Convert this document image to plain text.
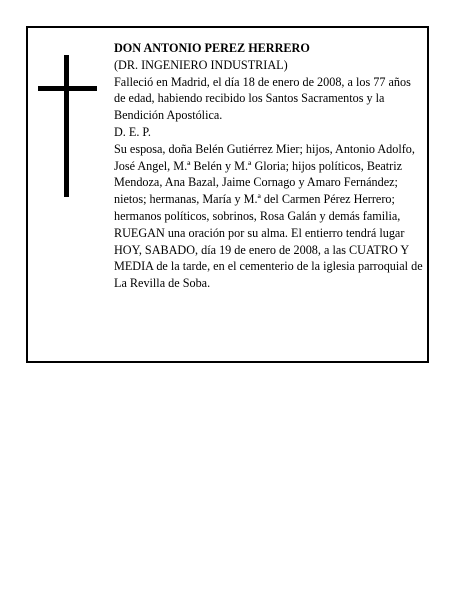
DON ANTONIO PEREZ HERRERO

(DR. INGENIERO INDUSTRIAL)

Falleció en Madrid, el día 18 de enero de 2008, a los 77 años de edad, habiendo recibido los Santos Sacramentos y la Bendición Apostólica.

D. E. P.

Su esposa, doña Belén Gutiérrez Mier; hijos, Antonio Adolfo, José Angel, M.ª Belén y M.ª Gloria; hijos políticos, Beatriz Mendoza, Ana Bazal, Jaime Cornago y Amaro Fernández; nietos; hermanas, María y M.ª del Carmen Pérez Herrero; hermanos políticos, sobrinos, Rosa Galán y demás familia,

RUEGAN una oración por su alma. El entierro tendrá lugar HOY, SABADO, día 19 de enero de 2008, a las CUATRO Y MEDIA de la tarde, en el cementerio de la iglesia parroquial de La Revilla de Soba.
